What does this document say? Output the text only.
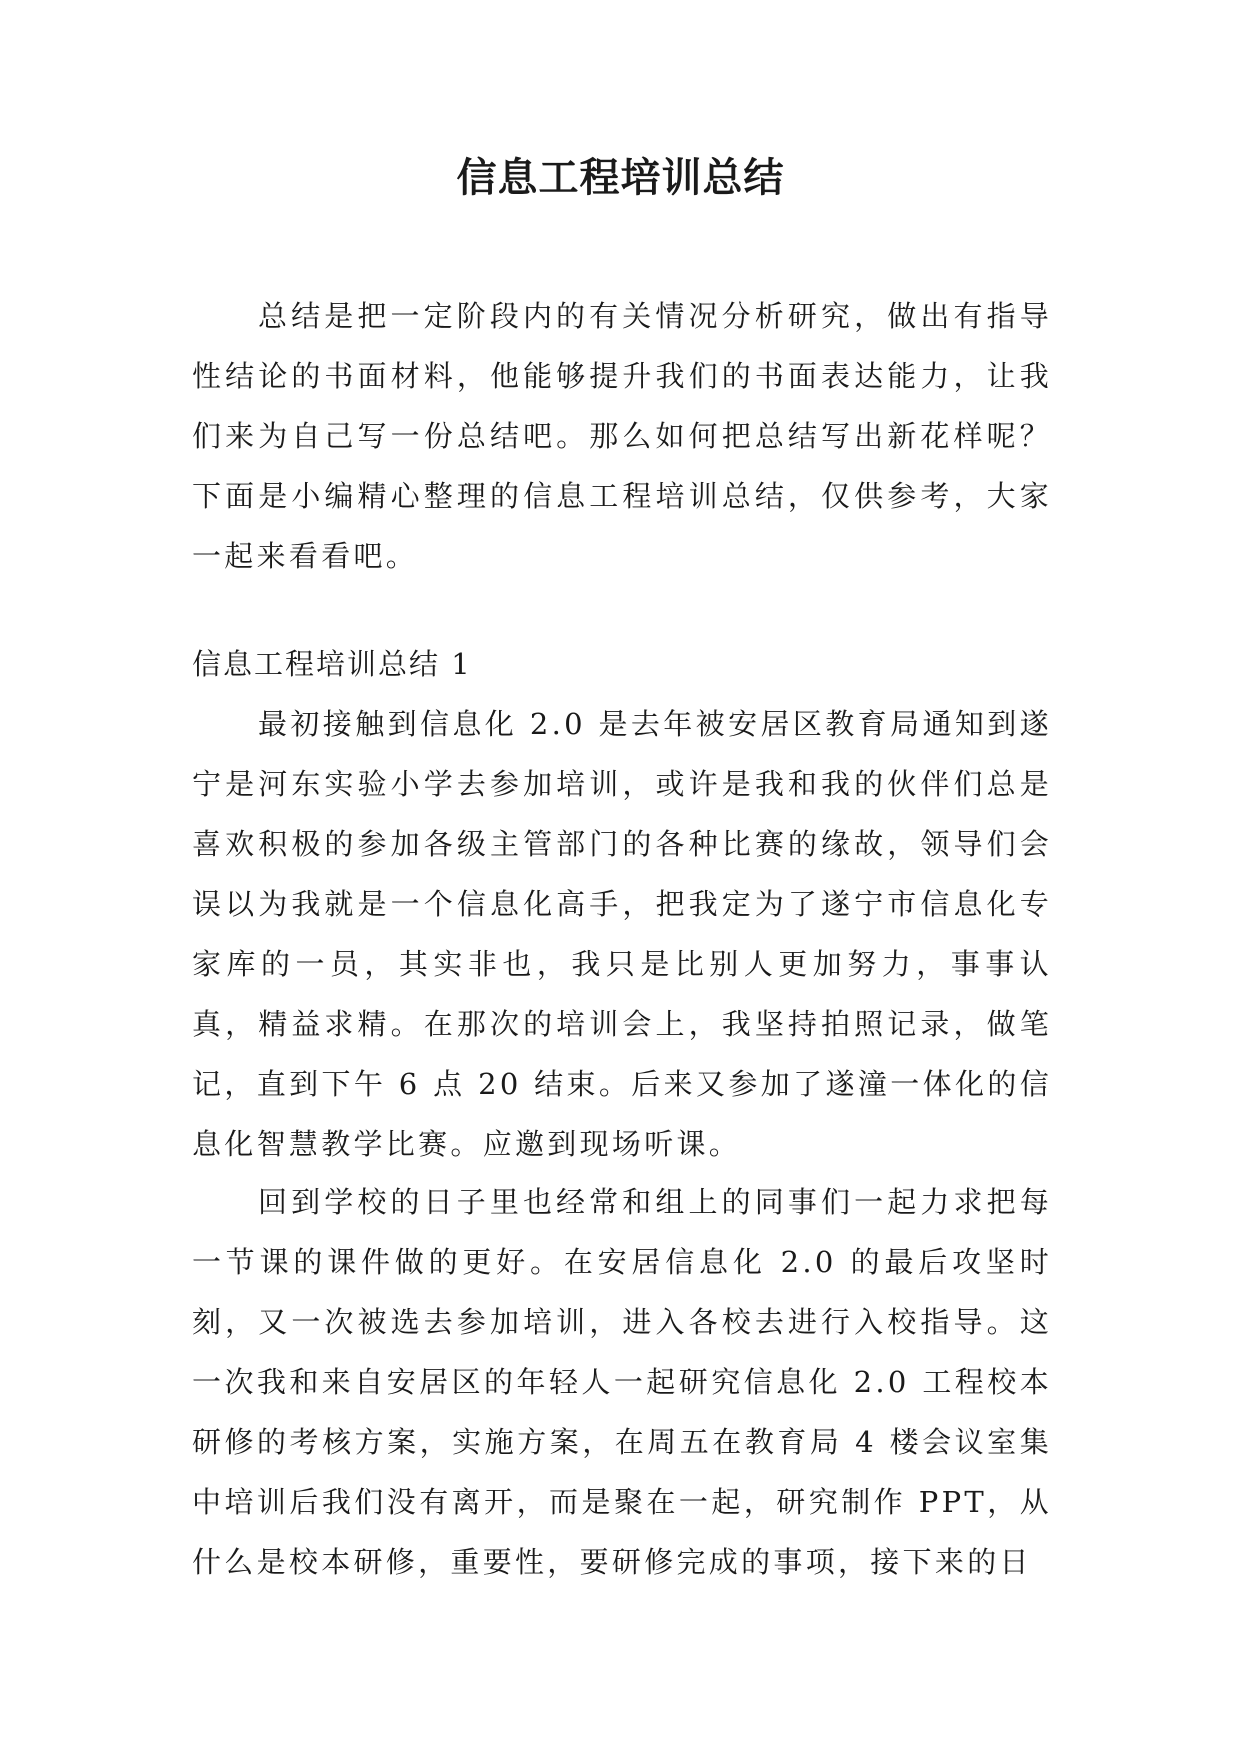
信息工程培训总结

总结是把一定阶段内的有关情况分析研究，做出有指导性结论的书面材料，他能够提升我们的书面表达能力，让我们来为自己写一份总结吧。那么如何把总结写出新花样呢？下面是小编精心整理的信息工程培训总结，仅供参考，大家一起来看看吧。

信息工程培训总结 1

最初接触到信息化 2.0 是去年被安居区教育局通知到遂宁是河东实验小学去参加培训，或许是我和我的伙伴们总是喜欢积极的参加各级主管部门的各种比赛的缘故，领导们会误以为我就是一个信息化高手，把我定为了遂宁市信息化专家库的一员，其实非也，我只是比别人更加努力，事事认真，精益求精。在那次的培训会上，我坚持拍照记录，做笔记，直到下午 6 点 20 结束。后来又参加了遂潼一体化的信息化智慧教学比赛。应邀到现场听课。

回到学校的日子里也经常和组上的同事们一起力求把每一节课的课件做的更好。在安居信息化 2.0 的最后攻坚时刻，又一次被选去参加培训，进入各校去进行入校指导。这一次我和来自安居区的年轻人一起研究信息化 2.0 工程校本研修的考核方案，实施方案，在周五在教育局 4 楼会议室集中培训后我们没有离开，而是聚在一起，研究制作 PPT，从什么是校本研修，重要性，要研修完成的事项，接下来的日
